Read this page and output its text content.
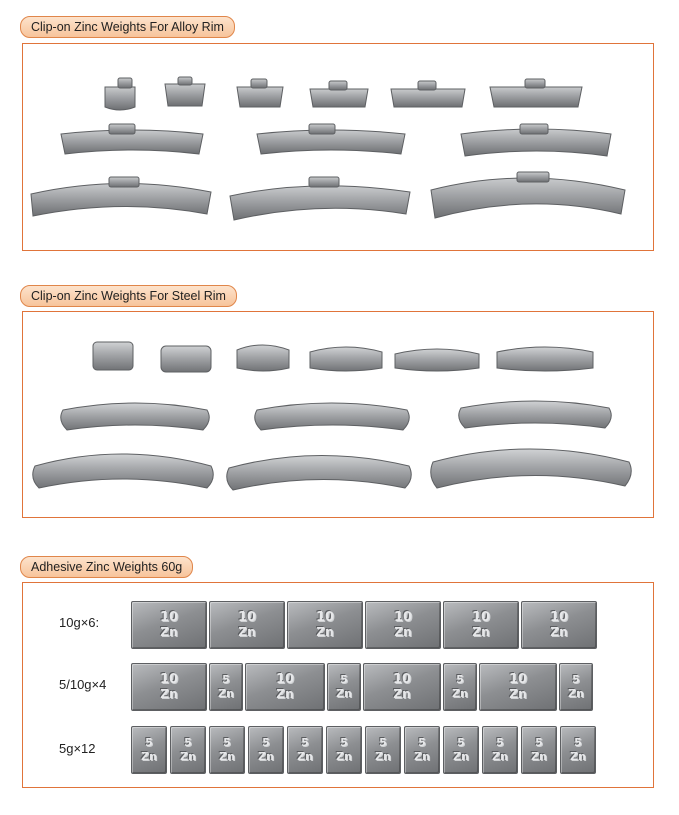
Clip-on Zinc Weights For Alloy Rim
Clip-on Zinc Weights For Steel Rim
Adhesive Zinc Weights 60g
10g×6:
5/10g×4
5g×12
10
Zn
10
Zn
10
Zn
10
Zn
10
Zn
10
Zn
10
Zn
5
Zn
10
Zn
5
Zn
10
Zn
5
Zn
10
Zn
5
Zn
5
Zn
5
Zn
5
Zn
5
Zn
5
Zn
5
Zn
5
Zn
5
Zn
5
Zn
5
Zn
5
Zn
5
Zn
